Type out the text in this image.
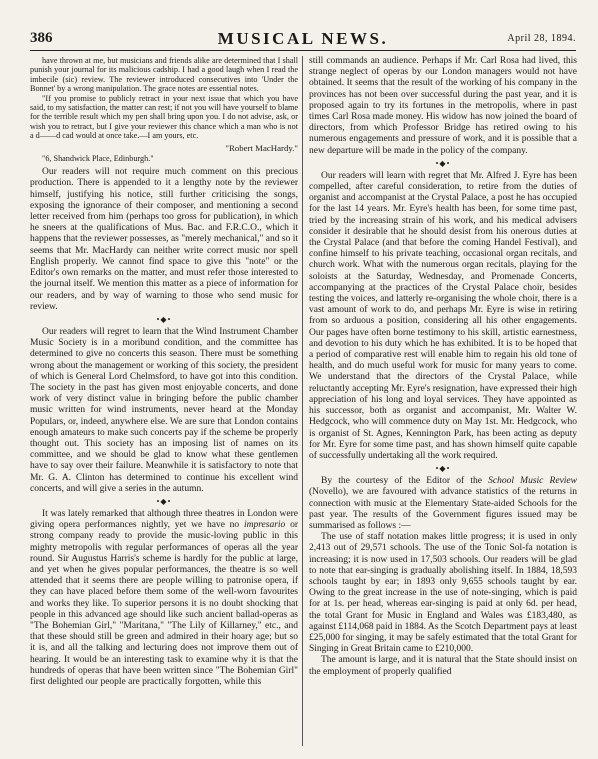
386	MUSICAL NEWS.	April 28, 1894.

have thrown at me, but musicians and friends alike are determined that I shall punish your journal for its malicious cadship. I had a good laugh when I read the imbecile (sic) review. The reviewer introduced consecutives into 'Under the Bonnet' by a wrong manipulation. The grace notes are essential notes.

"If you promise to publicly retract in your next issue that which you have said, to my satisfaction, the matter can rest; if not you will have yourself to blame for the terrible result which my pen shall bring upon you. I do not advise, ask, or wish you to retract, but I give your reviewer this chance which a man who is not a d——d cad would at once take.—I am yours, etc.

"Robert MacHardy."

"6, Shandwick Place, Edinburgh."

Our readers will not require much comment on this precious production. There is appended to it a lengthy note by the reviewer himself, justifying his notice, still further criticising the songs, exposing the ignorance of their composer, and mentioning a second letter received from him (perhaps too gross for publication), in which he sneers at the qualifications of Mus. Bac. and F.R.C.O., which it happens that the reviewer possesses, as "merely mechanical," and so it seems that Mr. MacHardy can neither write correct music nor spell English properly. We cannot find space to give this "note" or the Editor's own remarks on the matter, and must refer those interested to the journal itself. We mention this matter as a piece of information for our readers, and by way of warning to those who send music for review.

•◆•

Our readers will regret to learn that the Wind Instrument Chamber Music Society is in a moribund condition, and the committee has determined to give no concerts this season. There must be something wrong about the management or working of this society, the president of which is General Lord Chelmsford, to have got into this condition. The society in the past has given most enjoyable concerts, and done work of very distinct value in bringing before the public chamber music written for wind instruments, never heard at the Monday Populars, or, indeed, anywhere else. We are sure that London contains enough amateurs to make such concerts pay if the scheme be properly thought out. This society has an imposing list of names on its committee, and we should be glad to know what these gentlemen have to say over their failure. Meanwhile it is satisfactory to note that Mr. G. A. Clinton has determined to continue his excellent wind concerts, and will give a series in the autumn.

•◆•

It was lately remarked that although three theatres in London were giving opera performances nightly, yet we have no impresario or strong company ready to provide the music-loving public in this mighty metropolis with regular performances of operas all the year round. Sir Augustus Harris's scheme is hardly for the public at large, and yet when he gives popular performances, the theatre is so well attended that it seems there are people willing to patronise opera, if they can have placed before them some of the well-worn favourites and works they like. To superior persons it is no doubt shocking that people in this advanced age should like such ancient ballad-operas as "The Bohemian Girl," "Maritana," "The Lily of Killarney," etc., and that these should still be green and admired in their hoary age; but so it is, and all the talking and lecturing does not improve them out of hearing. It would be an interesting task to examine why it is that the hundreds of operas that have been written since "The Bohemian Girl" first delighted our people are practically forgotten, while this

still commands an audience. Perhaps if Mr. Carl Rosa had lived, this strange neglect of operas by our London managers would not have obtained. It seems that the result of the working of his company in the provinces has not been over successful during the past year, and it is proposed again to try its fortunes in the metropolis, where in past times Carl Rosa made money. His widow has now joined the board of directors, from which Professor Bridge has retired owing to his numerous engagements and pressure of work, and it is possible that a new departure will be made in the policy of the company.

•◆•

Our readers will learn with regret that Mr. Alfred J. Eyre has been compelled, after careful consideration, to retire from the duties of organist and accompanist at the Crystal Palace, a post he has occupied for the last 14 years. Mr. Eyre's health has been, for some time past, tried by the increasing strain of his work, and his medical advisers consider it desirable that he should desist from his onerous duties at the Crystal Palace (and that before the coming Handel Festival), and confine himself to his private teaching, occasional organ recitals, and church work. What with the numerous organ recitals, playing for the soloists at the Saturday, Wednesday, and Promenade Concerts, accompanying at the practices of the Crystal Palace choir, besides testing the voices, and latterly re-organising the whole choir, there is a vast amount of work to do, and perhaps Mr. Eyre is wise in retiring from so arduous a position, considering all his other engagements. Our pages have often borne testimony to his skill, artistic earnestness, and devotion to his duty which he has exhibited. It is to be hoped that a period of comparative rest will enable him to regain his old tone of health, and do much useful work for music for many years to come. We understand that the directors of the Crystal Palace, while reluctantly accepting Mr. Eyre's resignation, have expressed their high appreciation of his long and loyal services. They have appointed as his successor, both as organist and accompanist, Mr. Walter W. Hedgcock, who will commence duty on May 1st. Mr. Hedgcock, who is organist of St. Agnes, Kennington Park, has been acting as deputy for Mr. Eyre for some time past, and has shown himself quite capable of successfully undertaking all the work required.

•◆•

By the courtesy of the Editor of the School Music Review (Novello), we are favoured with advance statistics of the returns in connection with music at the Elementary State-aided Schools for the past year. The results of the Government figures issued may be summarised as follows :—

The use of staff notation makes little progress; it is used in only 2,413 out of 29,571 schools. The use of the Tonic Sol-fa notation is increasing; it is now used in 17,503 schools. Our readers will be glad to note that ear-singing is gradually abolishing itself. In 1884, 18,593 schools taught by ear; in 1893 only 9,655 schools taught by ear. Owing to the great increase in the use of note-singing, which is paid for at 1s. per head, whereas ear-singing is paid at only 6d. per head, the total Grant for Music in England and Wales was £183,480, as against £114,068 paid in 1884. As the Scotch Department pays at least £25,000 for singing, it may be safely estimated that the total Grant for Singing in Great Britain came to £210,000.

The amount is large, and it is natural that the State should insist on the employment of properly qualified
